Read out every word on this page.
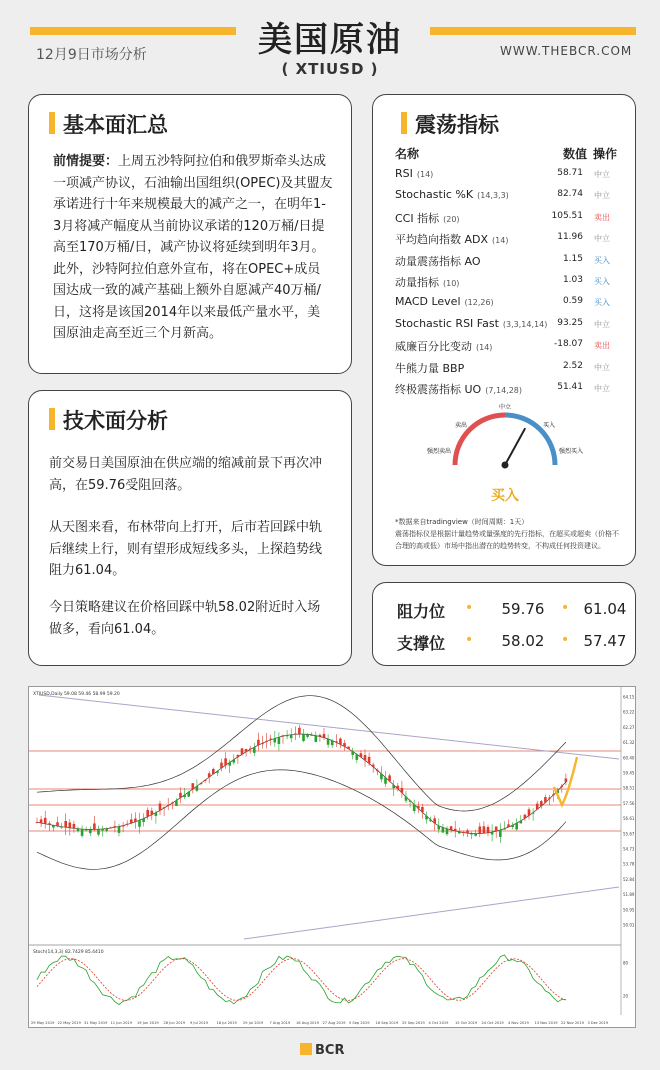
12月9日市场分析	美国原油
( XTIUSD )
WWW.THEBCR.COM
基本面汇总
前情提要：上周五沙特阿拉伯和俄罗斯牵头达成一项减产协议，石油输出国组织(OPEC)及其盟友承诺进行十年来规模最大的减产之一，在明年1-3月将减产幅度从当前协议承诺的120万桶/日提高至170万桶/日，减产协议将延续到明年3月。此外，沙特阿拉伯意外宣布，将在OPEC+成员国达成一致的减产基础上额外自愿减产40万桶/日，这将是该国2014年以来最低产量水平，美国原油走高至近三个月新高。
技术面分析
前交易日美国原油在供应端的缩减前景下再次冲高，在59.76受阻回落。
从天图来看，布林带向上打开，后市若回踩中轨后继续上行，则有望形成短线多头，上探趋势线阻力61.04。
今日策略建议在价格回踩中轨58.02附近时入场做多，看向61.04。
震荡指标
名称	数值 操作
RSI (14)	58.71 中立
Stochastic %K (14,3,3)	82.74 中立
CCI 指标 (20)	105.51 卖出
平均趋向指数 ADX (14)	11.96 中立
动量震荡指标 AO	1.15 买入
动量指标 (10)	1.03 买入
MACD Level (12,26)	0.59 买入
Stochastic RSI Fast (3,3,14,14)	93.25 中立
威廉百分比变动 (14)	-18.07 卖出
牛熊力量 BBP	2.52 中立
终极震荡指标 UO (7,14,28)	51.41 中立
中立
卖出	买入
强烈卖出	强烈买入
买入
*数据来自tradingview（时间周期：1天）
震荡指标仪是根据计量趋势或量强度的先行指标，在超买或超卖（价格不合理的高或低）市场中指出潜在的趋势转变，不构成任何投资建议。
阻力位 •	59.76	• 61.04
支撑位 •	58.02	• 57.47
64.15
63.22
62.27
61.32
60.40
59.45
58.51
57.56
56.61
55.67
54.73
53.78
52.84
51.89
50.95
50.01
80
20
29 May 2019 22 May 2019 31 May 2019 11 Jun 2019 19 Jun 2019 28 Jun 2019 9 Jul 2019 18 Jul 2019 29 Jul 2019 7 Aug 2019 16 Aug 2019 27 Aug 2019 5 Sep 2019 16 Sep 2019 25 Sep 2019 4 Oct 2019 15 Oct 2019 24 Oct 2019 4 Nov 2019 13 Nov 2019 22 Nov 2019 3 Dec 2019
XTIUSD,Daily 59.08 59.46 58.99 59.20
Stoch(14,3,3) 82.7429 85.4410
BCR
